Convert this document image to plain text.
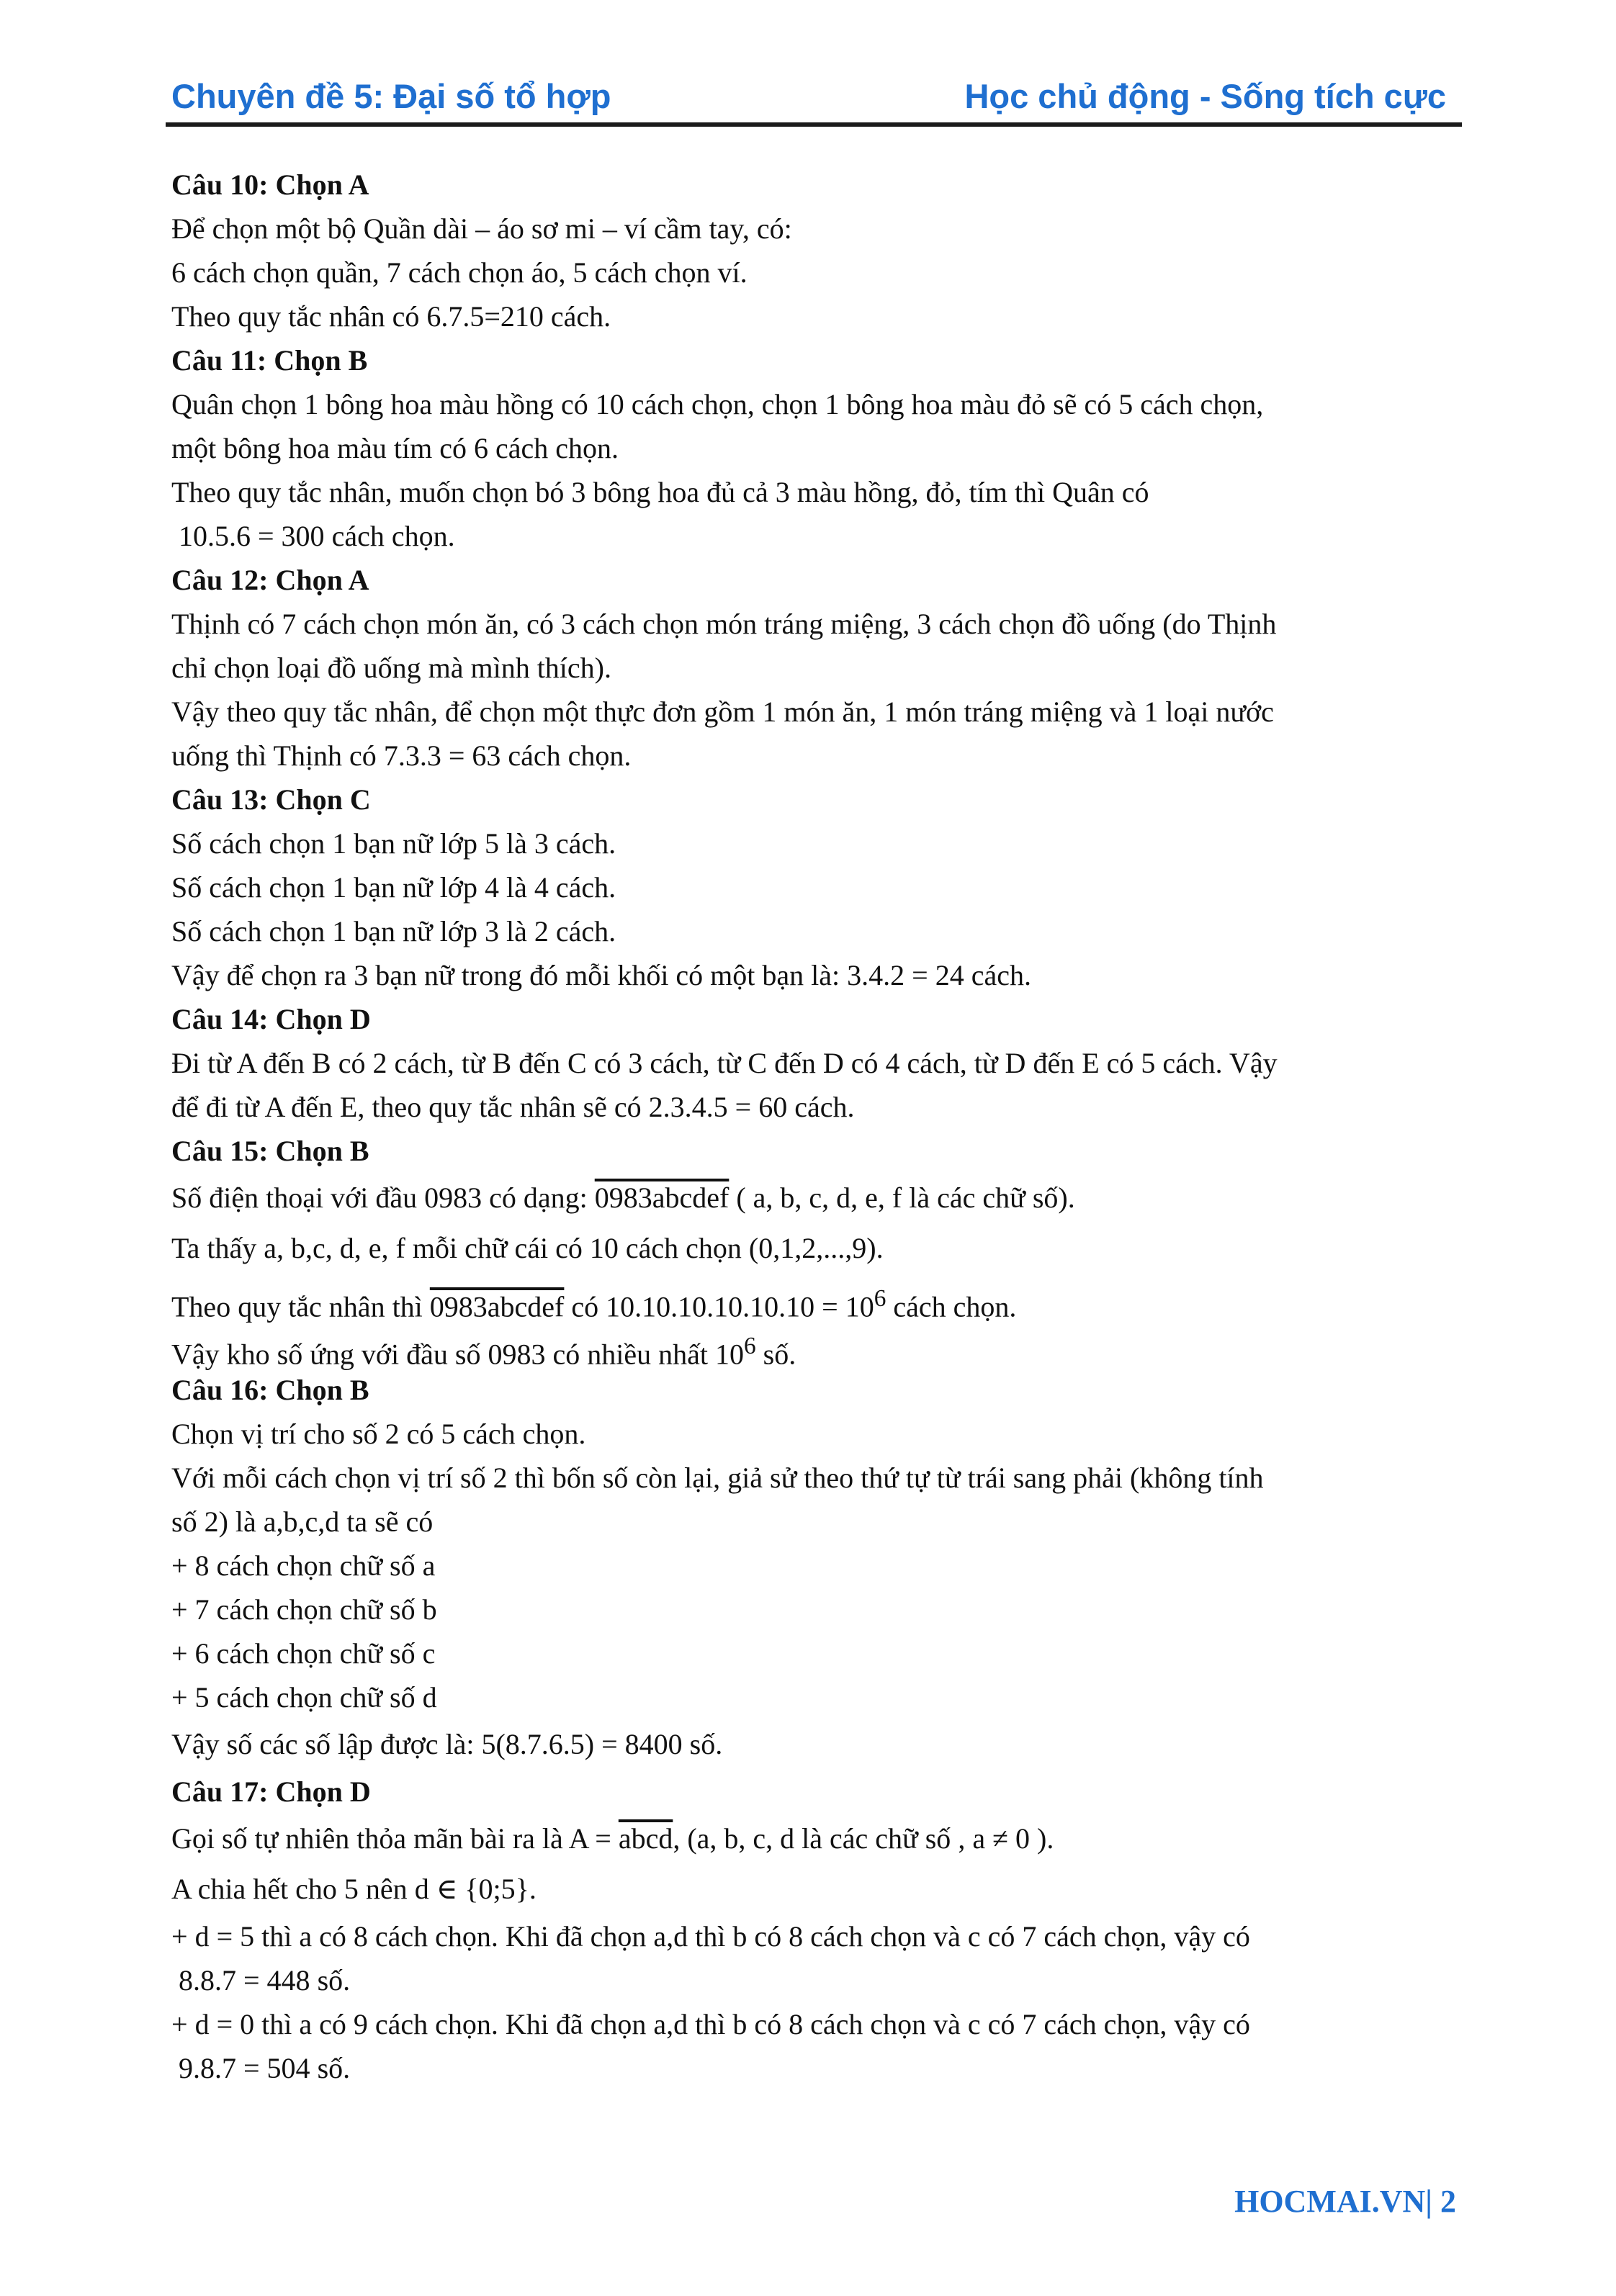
Chuyên đề 5: Đại số tổ hợp	Học chủ động - Sống tích cực
Câu 10: Chọn A
Để chọn một bộ Quần dài – áo sơ mi – ví cầm tay, có:
6 cách chọn quần, 7 cách chọn áo, 5 cách chọn ví.
Theo quy tắc nhân có 6.7.5=210 cách.
Câu 11: Chọn B
Quân chọn 1 bông hoa màu hồng có 10 cách chọn, chọn 1 bông hoa màu đỏ sẽ có 5 cách chọn,
một bông hoa màu tím có 6 cách chọn.
Theo quy tắc nhân, muốn chọn bó 3 bông hoa đủ cả 3 màu hồng, đỏ, tím thì Quân có
10.5.6 = 300 cách chọn.
Câu 12: Chọn A
Thịnh có 7 cách chọn món ăn, có 3 cách chọn món tráng miệng, 3 cách chọn đồ uống (do Thịnh
chỉ chọn loại đồ uống mà mình thích).
Vậy theo quy tắc nhân, để chọn một thực đơn gồm 1 món ăn, 1 món tráng miệng và 1 loại nước
uống thì Thịnh có 7.3.3 = 63 cách chọn.
Câu 13: Chọn C
Số cách chọn 1 bạn nữ lớp 5 là 3 cách.
Số cách chọn 1 bạn nữ lớp 4 là 4 cách.
Số cách chọn 1 bạn nữ lớp 3 là 2 cách.
Vậy để chọn ra 3 bạn nữ trong đó mỗi khối có một bạn là: 3.4.2 = 24 cách.
Câu 14: Chọn D
Đi từ A đến B có 2 cách, từ B đến C có 3 cách, từ C đến D có 4 cách, từ D đến E có 5 cách. Vậy
để đi từ A đến E, theo quy tắc nhân sẽ có 2.3.4.5 = 60 cách.
Câu 15: Chọn B
Số điện thoại với đầu 0983 có dạng: 0983abcdef ( a, b, c, d, e, f là các chữ số).
Ta thấy a, b,c, d, e, f mỗi chữ cái có 10 cách chọn (0,1,2,...,9).
Theo quy tắc nhân thì 0983abcdef có $10.10.10.10.10.10 = 10^6$ cách chọn.
Vậy kho số ứng với đầu số 0983 có nhiều nhất $10^6$ số.
Câu 16: Chọn B
Chọn vị trí cho số 2 có 5 cách chọn.
Với mỗi cách chọn vị trí số 2 thì bốn số còn lại, giả sử theo thứ tự từ trái sang phải (không tính
số 2) là a,b,c,d ta sẽ có
+ 8 cách chọn chữ số a
+ 7 cách chọn chữ số b
+ 6 cách chọn chữ số c
+ 5 cách chọn chữ số d
Vậy số các số lập được là: 5(8.7.6.5) = 8400 số.
Câu 17: Chọn D
Gọi số tự nhiên thỏa mãn bài ra là A = abcd, (a, b, c, d là các chữ số , a ≠ 0 ).
A chia hết cho 5 nên d ∈ {0;5}.
+ d = 5 thì a có 8 cách chọn. Khi đã chọn a,d thì b có 8 cách chọn và c có 7 cách chọn, vậy có
8.8.7 = 448 số.
+ d = 0 thì a có 9 cách chọn. Khi đã chọn a,d thì b có 8 cách chọn và c có 7 cách chọn, vậy có
9.8.7 = 504 số.
HOCMAI.VN| 2
